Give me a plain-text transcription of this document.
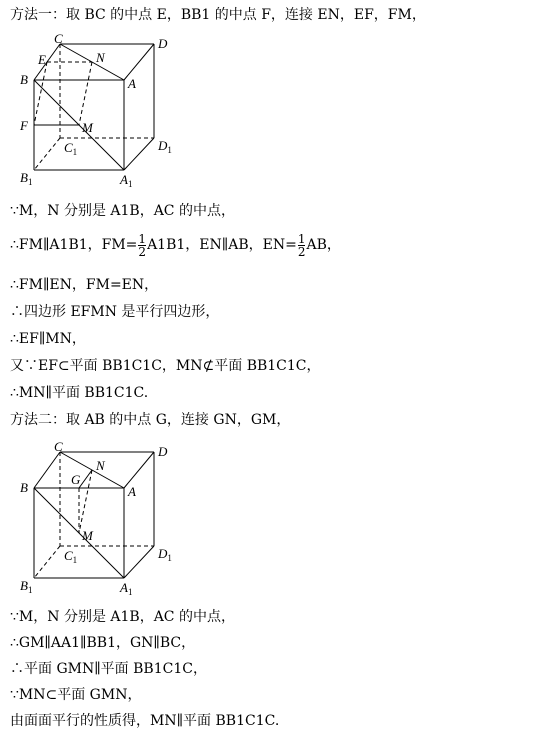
方法一：取 BC 的中点 E，BB1 的中点 F，连接 EN，EF，FM，
C	D
E	N
B	A
F	M
$C_1$	$D_1$
$B_1$	$A_1$
∵M，N 分别是 A1B，AC 的中点，
∴FM∥A1B1，$FM= \frac{1}{2} A1B1$，EN∥AB，$EN= \frac{1}{2}$ AB，
∴FM∥EN，FM=EN，
∴四边形 EFMN 是平行四边形，
∴EF∥MN，
又∵EF⊂平面 BB1C1C，MN⊄平面 BB1C1C，
∴MN∥平面 BB1C1C.
方法二：取 AB 的中点 G，连接 GN，GM，
C	D
N
G
B	A
M
$C_1$	$D_1$
$B_1$	$A_1$
∵M，N 分别是 A1B，AC 的中点，
∴GM∥AA1∥BB1，GN∥BC，
∴平面 GMN∥平面 BB1C1C，
∵MN⊂平面 GMN，
由面面平行的性质得，MN∥平面 BB1C1C.
